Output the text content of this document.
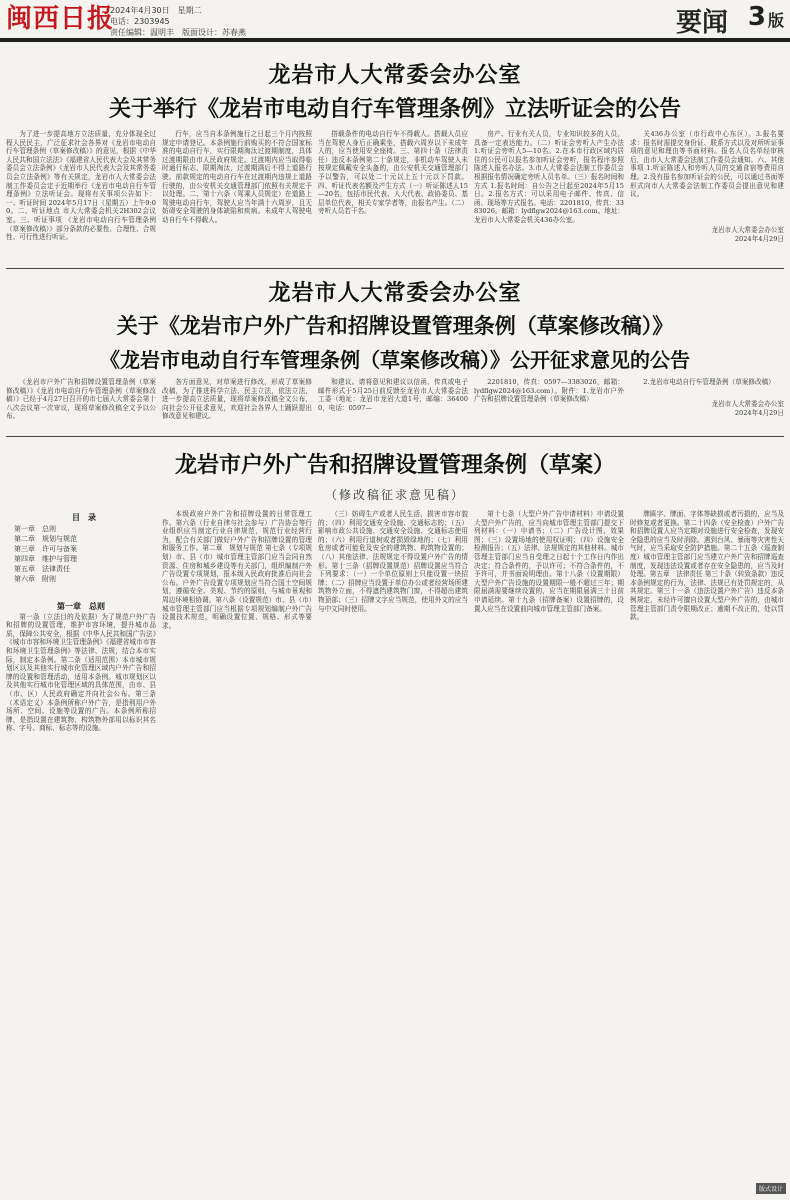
闽西日报
2024年4月30日　星期二
电话：2303945
责任编辑：温明丰　版面设计：苏春燕	要闻 3 版
龙岩市人大常委会办公室
关于举行《龙岩市电动自行车管理条例》立法听证会的公告

为了进一步提高地方立法质量，充分体现全过程人民民主，广泛征求社会各界对《龙岩市电动自行车管理条例（草案修改稿）》的意见，根据《中华人民共和国立法法》《福建省人民代表大会及其常务委员会立法条例》《龙岩市人民代表大会及其常务委员会立法条例》等有关规定，龙岩市人大常委会法制工作委员会定于近期举行《龙岩市电动自行车管理条例》立法听证会。现将有关事项公告如下：一、听证时间 2024年5月17日（星期五）上午9:00。二、听证地点 市人大常委会机关2H302会议室。三、听证事项 《龙岩市电动自行车管理条例（草案修改稿）》部分条款的必要性、合理性、合规性、可行性进行听证。

行车，应当自本条例施行之日起三个月内按照规定申请登记。本条例施行前购买的不符合国家标准的电动自行车，实行限期淘汰过渡期制度，具体过渡期限由市人民政府规定。过渡期内应当取得临时通行标志，限期淘汰，过渡期满后不得上道路行驶。前款规定的电动自行车在过渡期内违规上道路行驶的，由公安机关交通管理部门依照有关规定予以处理。二、第十六条（驾乘人员规定）在道路上驾驶电动自行车，驾驶人应当年满十六周岁，且无妨碍安全驾驶的身体缺陷和疾病。未成年人驾驶电动自行车不得载人。

搭载条件的电动自行车不得载人。搭载人员应当在驾驶人身后正确乘坐，搭载六周岁以下未成年人的，应当使用安全座椅。三、第四十条（法律责任）违反本条例第二十条规定，非机动车驾驶人未按规定佩戴安全头盔的，由公安机关交通管理部门予以警告，可以处二十元以上五十元以下罚款。四、听证代表名额及产生方式（一）听证陈述人15—20名，包括市民代表、人大代表、政协委员、基层单位代表，相关专家学者等，由报名产生。（二）旁听人员若干名。

房产、行业有关人员，专业知识较多的人员，具备一定表达能力。（二）听证会旁听人产生办法 1.听证会旁听人5—10名。2.在本市行政区域内居住的公民可以报名参加听证会旁听，报名程序参照陈述人报名办法。3.市人大常委会法制工作委员会根据报名情况确定旁听人员名单。（三）报名时间和方式 1.报名时间：自公告之日起至2024年5月15日。2.报名方式：可以采用电子邮件、传真、信函、现场等方式报名。电话：2201810，传真：3383026。邮箱：lydflgw2024@163.com。地址：龙岩市人大常委会机关436办公室。

关436办公室（市行政中心东区）。3.报名要求：报名时需提交身份证、联系方式以及对所听证事项的意见和理由等书面材料。报名人员名单经审核后，由市人大常委会法制工作委员会通知。六、其他事项 1.听证陈述人和旁听人员的交通食宿等费用自理。2.没有报名参加听证会的公民，可以通过书面等形式向市人大常委会法制工作委员会提出意见和建议。

龙岩市人大常委会办公室
2024年4月29日
龙岩市人大常委会办公室
关于《龙岩市户外广告和招牌设置管理条例（草案修改稿）》
《龙岩市电动自行车管理条例（草案修改稿）》公开征求意见的公告

《龙岩市户外广告和招牌设置管理条例（草案修改稿）》《龙岩市电动自行车管理条例（草案修改稿）》已经于4月27日召开的市七届人大常委会第十八次会议第一次审议，现将草案修改稿全文予以公布。

各方面意见，对草案进行修改，形成了草案修改稿，为了推进科学立法、民主立法，依法立法，进一步提高立法质量，现将草案修改稿全文公布，向社会公开征求意见，欢迎社会各界人士踊跃提出修改意见和建议。

和建议。请将意见和建议以信函、传真或电子邮件形式于5月25日前反馈至龙岩市人大常委会法工委（地址：龙岩市龙岩大道1号，邮编：364000，电话：0597—

2201810，传真：0597—3383026，邮箱：lydflgw2024@163.com）。附件：1.龙岩市户外广告和招牌设置管理条例（草案修改稿）

2.龙岩市电动自行车管理条例（草案修改稿）

龙岩市人大常委会办公室
2024年4月29日
龙岩市户外广告和招牌设置管理条例（草案）
（修改稿征求意见稿）
目　录
第一章　总则
第二章　规划与规范
第三章　许可与备案
第四章　维护与管理
第五章　法律责任
第六章　附则
第一章　总则

第一条（立法目的及依据）为了规范户外广告和招牌的设置管理，维护市容环境，提升城市品质，保障公共安全，根据《中华人民共和国广告法》《城市市容和环境卫生管理条例》《福建省城市市容和环境卫生管理条例》等法律、法规，结合本市实际，制定本条例。第二条（适用范围）本市城市规划区以及其他实行城市化管理区域内户外广告和招牌的设置和管理活动，适用本条例。城市规划区以及其他实行城市化管理区域的具体范围，由市、县（市、区）人民政府确定并向社会公布。第三条（术语定义）本条例所称户外广告，是指利用户外场所、空间、设施等设置的广告。本条例所称招牌，是指设置在建筑物、构筑物外部用以标识其名称、字号、商标、标志等的设施。

本级政府户外广告和招牌设置的日常管理工作。第六条（行业自律与社会参与）广告协会等行业组织应当制定行业自律规范，规范行业经营行为，配合有关部门做好户外广告和招牌设置的管理和服务工作。第二章　规划与规范 第七条（专项规划）市、县（市）城市管理主管部门应当会同自然资源、住房和城乡建设等有关部门，组织编制户外广告设置专项规划，报本级人民政府批准后向社会公布。户外广告设置专项规划应当符合国土空间规划，遵循安全、美观、节约的原则，与城市景观和周边环境相协调。第八条（设置规范）市、县（市）城市管理主管部门应当根据专项规划编制户外广告设置技术规范，明确设置位置、规格、形式等要求。

（三）妨碍生产或者人民生活，损害市容市貌的；（四）利用交通安全设施、交通标志的；（五）影响市政公共设施、交通安全设施、交通标志使用的；（六）利用行道树或者损毁绿地的；（七）利用危房或者可能危及安全的建筑物、构筑物设置的；（八）其他法律、法规规定不得设置户外广告的情形。第十三条（招牌设置规范）招牌设置应当符合下列要求：（一）一个单位原则上只能设置一块招牌；（二）招牌应当设置于单位办公或者经营场所建筑物外立面，不得遮挡建筑物门窗，不得超出建筑物顶部；（三）招牌文字应当规范，使用外文的应当与中文同时使用。

第十七条（大型户外广告申请材料）申请设置大型户外广告的，应当向城市管理主管部门提交下列材料：（一）申请书；（二）广告设计图、效果图；（三）设置场地的使用权证明；（四）设施安全检测报告；（五）法律、法规规定的其他材料。城市管理主管部门应当自受理之日起十个工作日内作出决定；符合条件的，予以许可；不符合条件的，不予许可，并书面说明理由。第十八条（设置期限）大型户外广告设施的设置期限一般不超过三年；期限届满需要继续设置的，应当在期限届满三十日前申请延续。第十九条（招牌备案）设置招牌的，设置人应当在设置前向城市管理主管部门备案。

牌匾字、牌面、字体等缺损或者污损的，应当及时修复或者更换。第二十四条（安全检查）户外广告和招牌设置人应当定期对设施进行安全检查，发现安全隐患的应当及时消除。遇到台风、暴雨等灾害性天气时，应当采取安全防护措施。第二十五条（巡查制度）城市管理主管部门应当建立户外广告和招牌巡查制度，发现违法设置或者存在安全隐患的，应当及时处理。第五章　法律责任 第三十条（转致条款）违反本条例规定的行为，法律、法规已有处罚规定的，从其规定。第三十一条（违法设置户外广告）违反本条例规定，未经许可擅自设置大型户外广告的，由城市管理主管部门责令限期改正；逾期不改正的，处以罚款。

版式设计
